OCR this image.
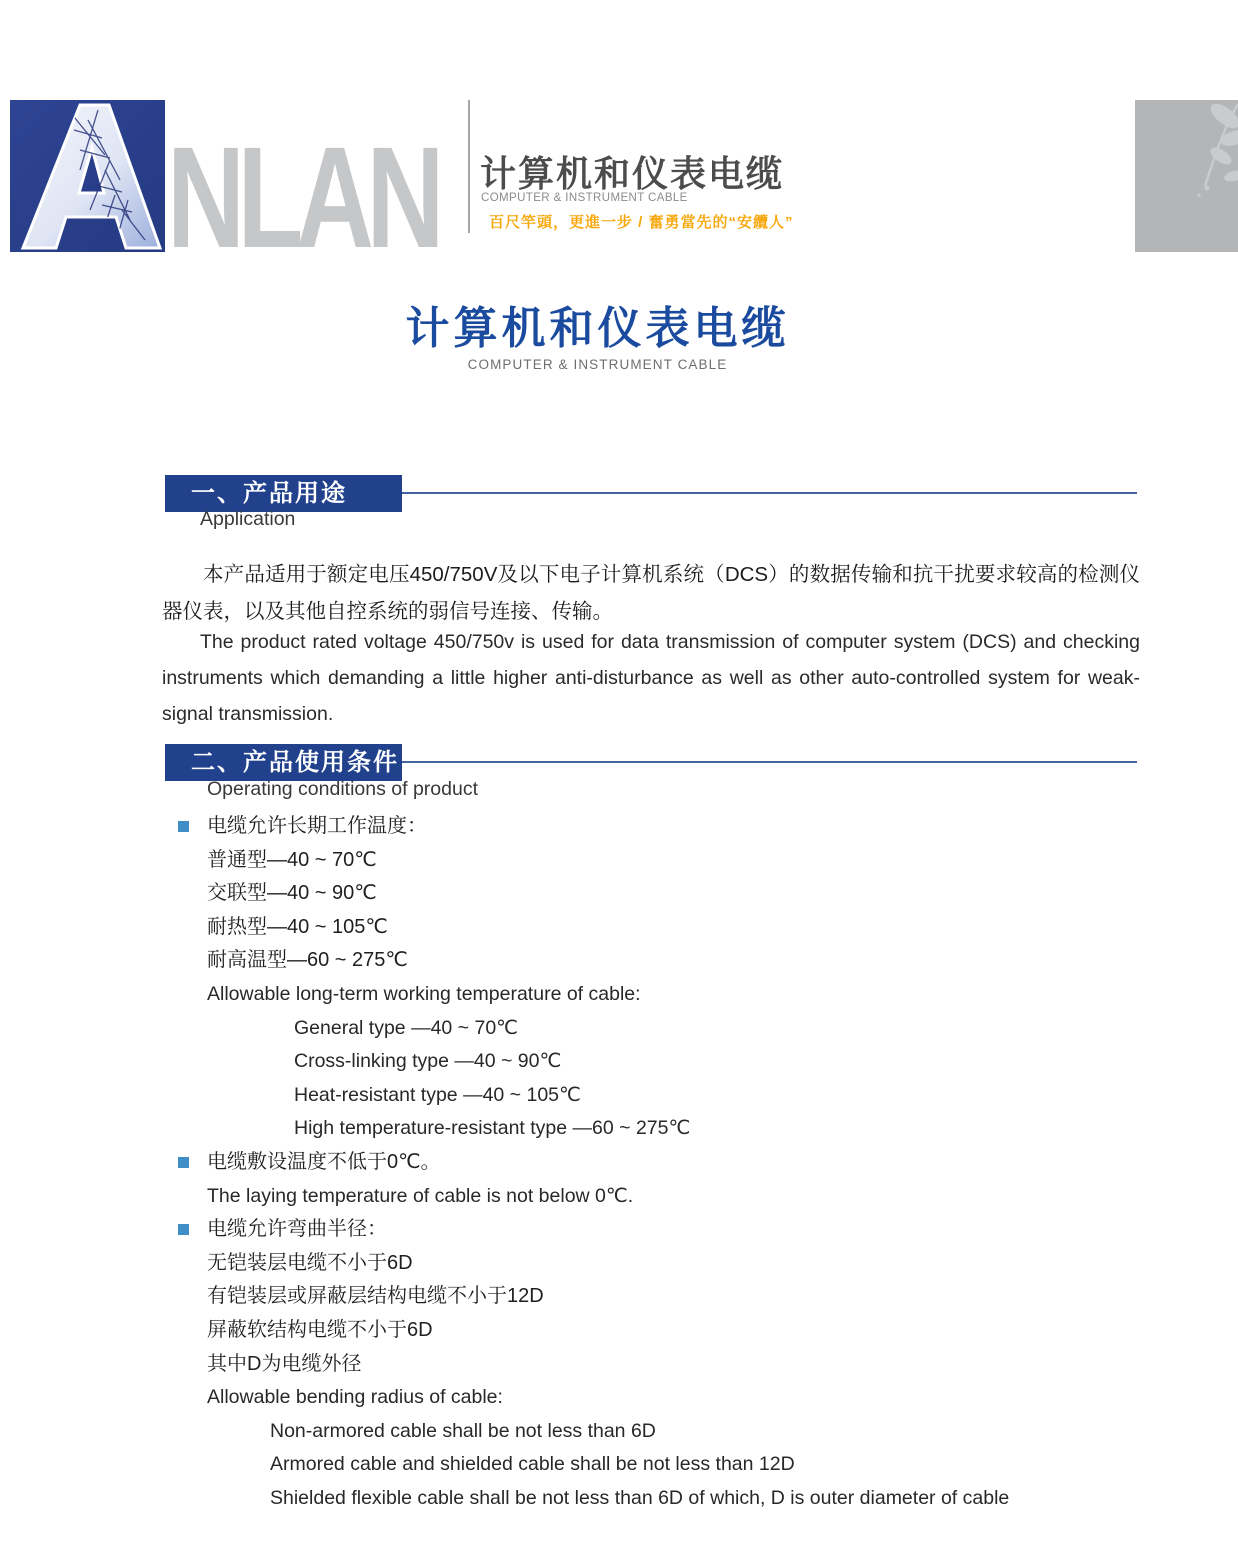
NLAN 计算机和仪表电缆
COMPUTER & INSTRUMENT CABLE
百尺竿頭，更進一步 / 奮勇當先的“安纜人”
计算机和仪表电缆
COMPUTER & INSTRUMENT CABLE
一、产品用途
Application
本产品适用于额定电压450/750V及以下电子计算机系统（DCS）的数据传输和抗干扰要求较高的检测仪器仪表，以及其他自控系统的弱信号连接、传输。
The product rated voltage 450/750v is used for data transmission of computer system (DCS) and checking instruments which demanding a little higher anti-disturbance as well as other auto-controlled system for weak-signal transmission.
二、产品使用条件
Operating conditions of product
电缆允许长期工作温度：
普通型—40 ~ 70℃
交联型—40 ~ 90℃
耐热型—40 ~ 105℃
耐高温型—60 ~ 275℃
Allowable long-term working temperature of cable:
General type —40 ~ 70℃
Cross-linking type —40 ~ 90℃
Heat-resistant type —40 ~ 105℃
High temperature-resistant type —60 ~ 275℃
电缆敷设温度不低于0℃。
The laying temperature of cable is not below 0℃.
电缆允许弯曲半径：
无铠装层电缆不小于6D
有铠装层或屏蔽层结构电缆不小于12D
屏蔽软结构电缆不小于6D
其中D为电缆外径
Allowable bending radius of cable:
Non-armored cable shall be not less than 6D
Armored cable and shielded cable shall be not less than 12D
Shielded flexible cable shall be not less than 6D of which, D is outer diameter of cable
